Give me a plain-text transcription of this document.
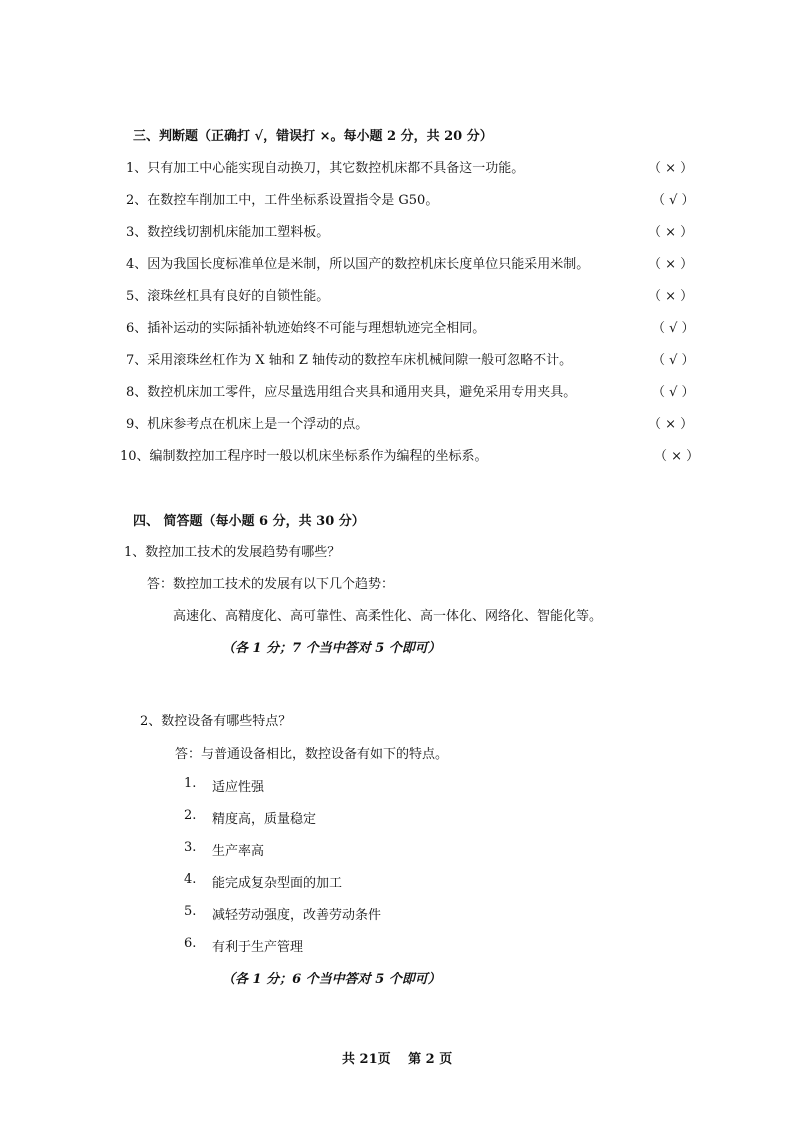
三、判断题（正确打 √，错误打 ×。每小题 2 分，共 20 分）
1、只有加工中心能实现自动换刀，其它数控机床都不具备这一功能。	（ × ）
2、在数控车削加工中，工件坐标系设置指令是 G50。	（ √ ）
3、数控线切割机床能加工塑料板。	（ × ）
4、因为我国长度标准单位是米制，所以国产的数控机床长度单位只能采用米制。	（ × ）
5、滚珠丝杠具有良好的自锁性能。	（ × ）
6、插补运动的实际插补轨迹始终不可能与理想轨迹完全相同。	（ √ ）
7、采用滚珠丝杠作为 X 轴和 Z 轴传动的数控车床机械间隙一般可忽略不计。	（ √ ）
8、数控机床加工零件，应尽量选用组合夹具和通用夹具，避免采用专用夹具。	（ √ ）
9、机床参考点在机床上是一个浮动的点。	（ × ）
10、编制数控加工程序时一般以机床坐标系作为编程的坐标系。	（ × ）
四、 简答题（每小题 6 分，共 30 分）
1、数控加工技术的发展趋势有哪些？
答：数控加工技术的发展有以下几个趋势：
高速化、高精度化、高可靠性、高柔性化、高一体化、网络化、智能化等。
（各 1 分；7 个当中答对 5 个即可）
2、数控设备有哪些特点？
答：与普通设备相比，数控设备有如下的特点。
1. 适应性强
2. 精度高，质量稳定
3. 生产率高
4. 能完成复杂型面的加工
5. 减轻劳动强度，改善劳动条件
6. 有利于生产管理
（各 1 分；6 个当中答对 5 个即可）
共 21页　 第 2 页
